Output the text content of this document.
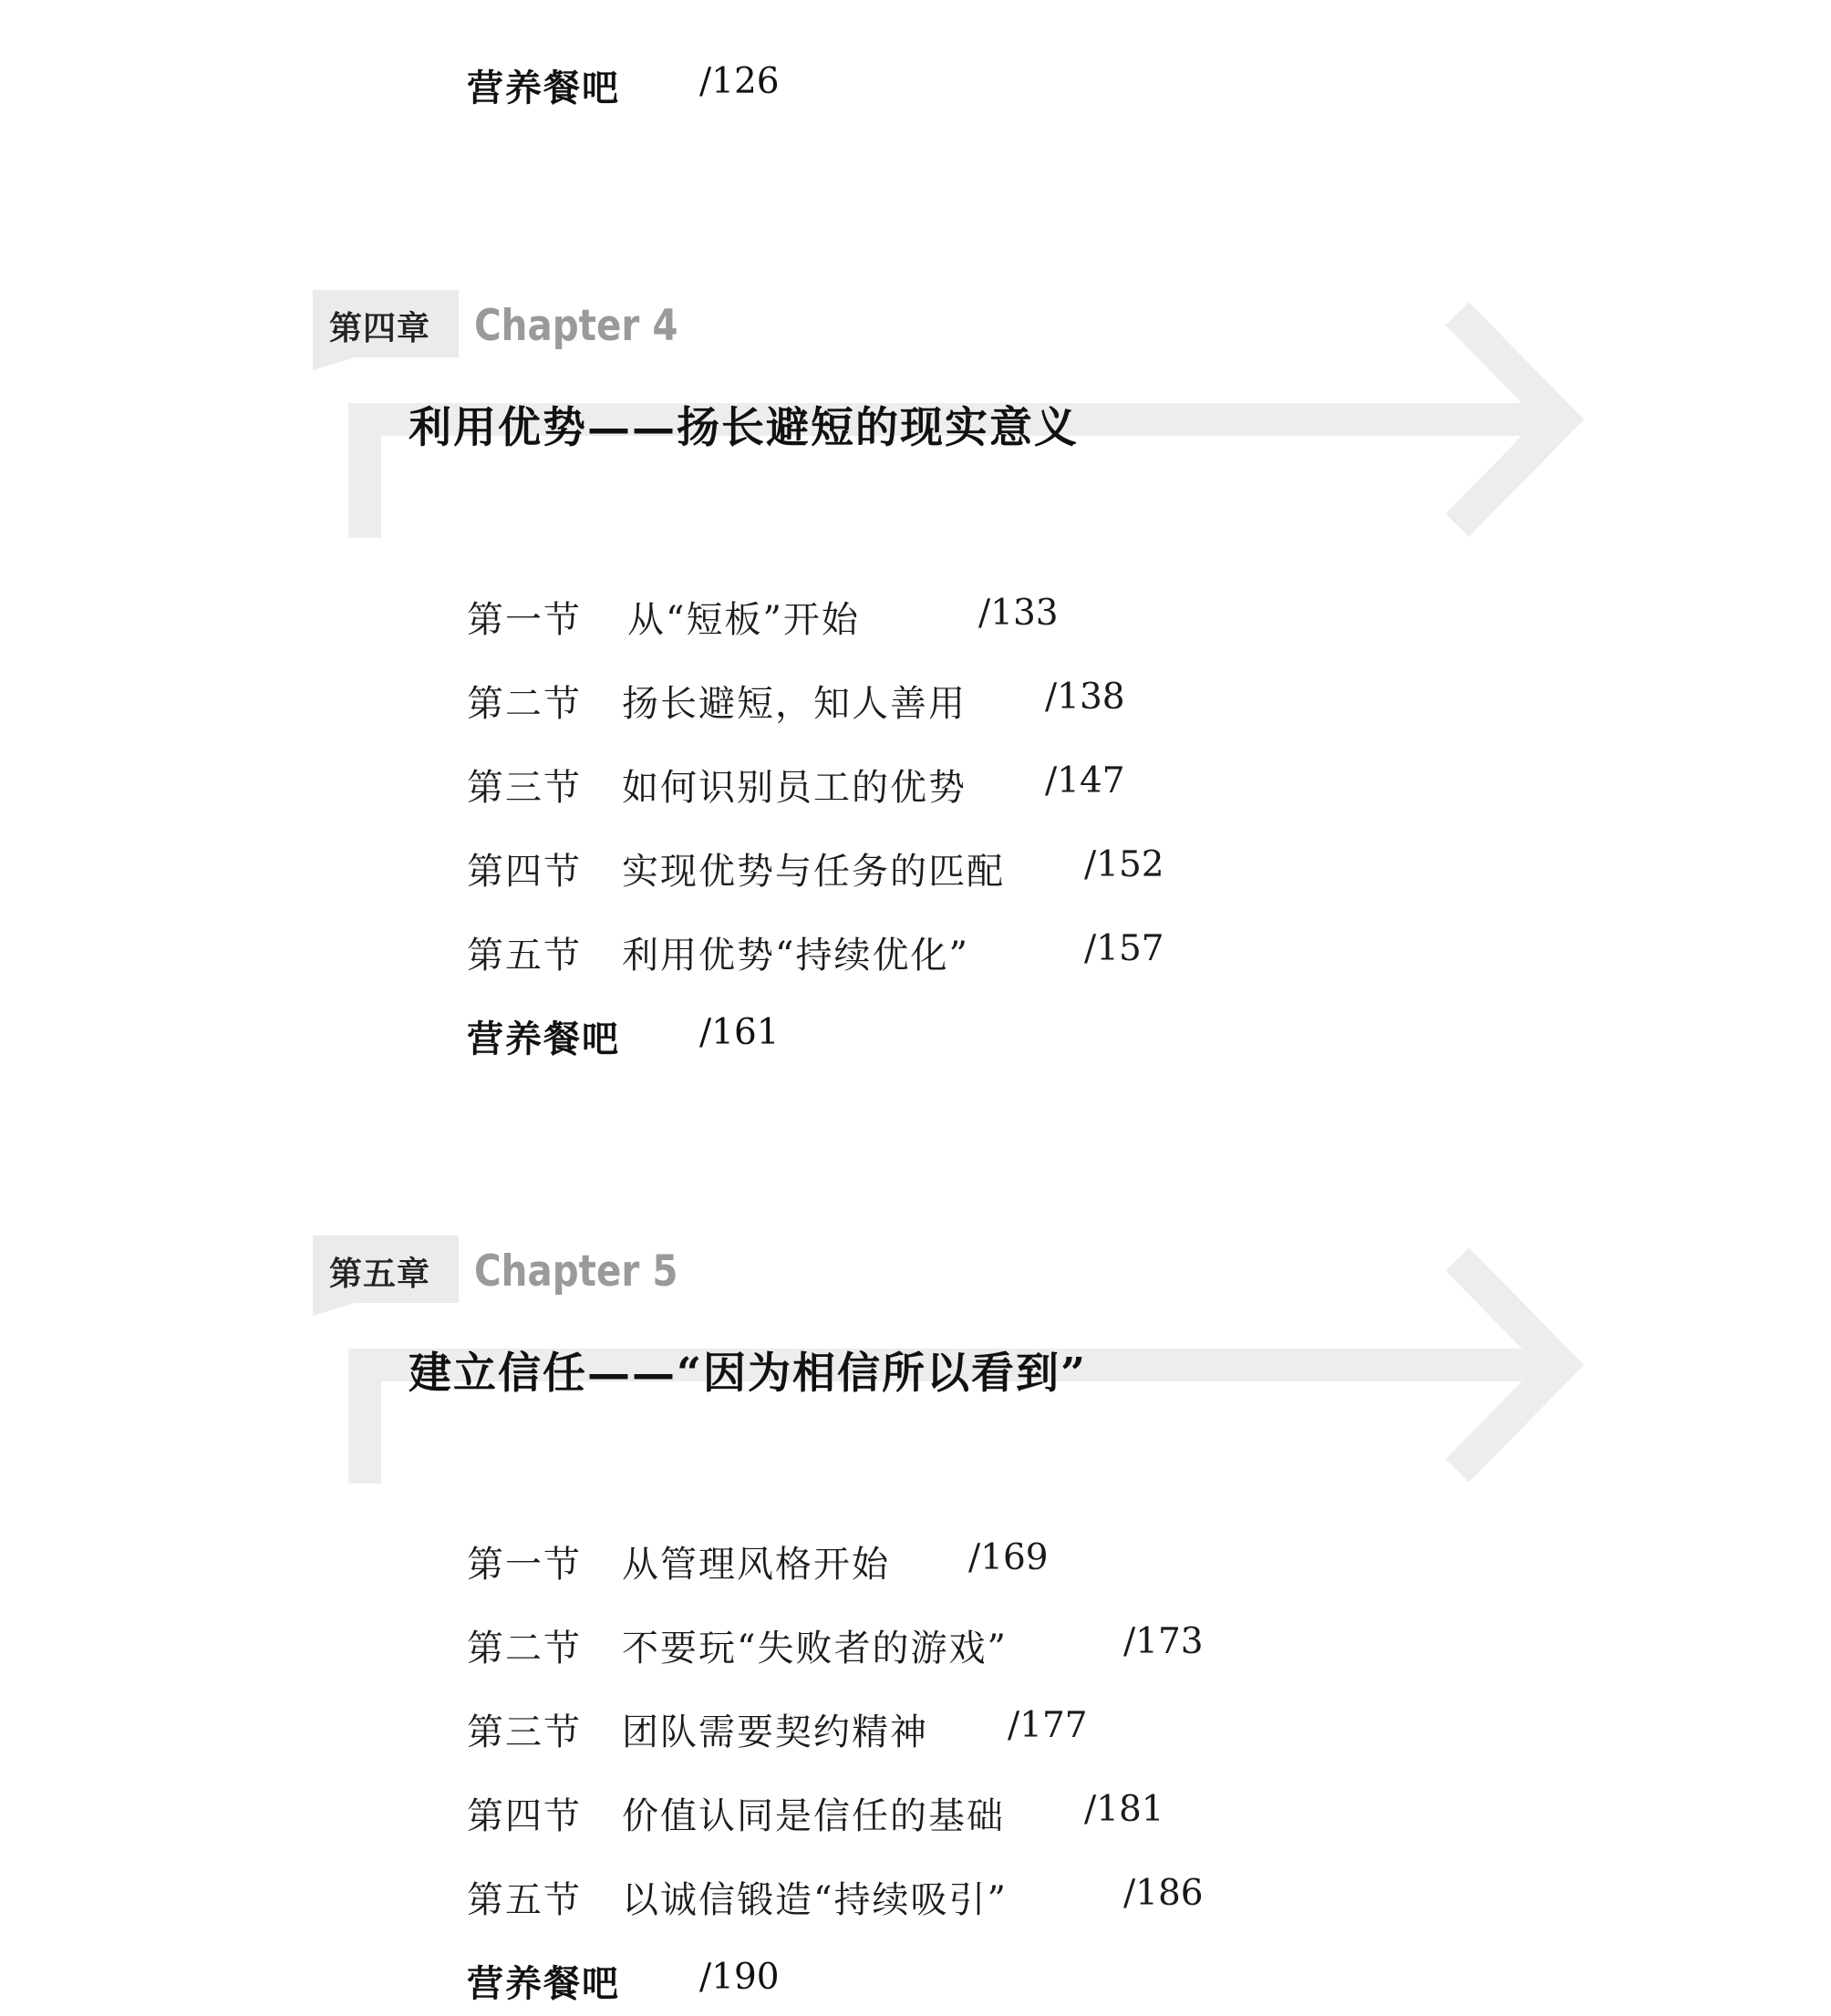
营养餐吧 /126
第四章 Chapter 4
利用优势——扬长避短的现实意义
第一节 从“短板”开始	/133
第二节 扬长避短，知人善用 /138
第三节 如何识别员工的优势 /147
第四节 实现优势与任务的匹配 /152
第五节 利用优势“持续优化”	/157
营养餐吧 /161
第五章 Chapter 5
建立信任——“因为相信所以看到”
第一节 从管理风格开始 /169
第二节 不要玩“失败者的游戏”	/173
第三节 团队需要契约精神 /177
第四节 价值认同是信任的基础 /181
第五节 以诚信锻造“持续吸引”	/186
营养餐吧 /190
